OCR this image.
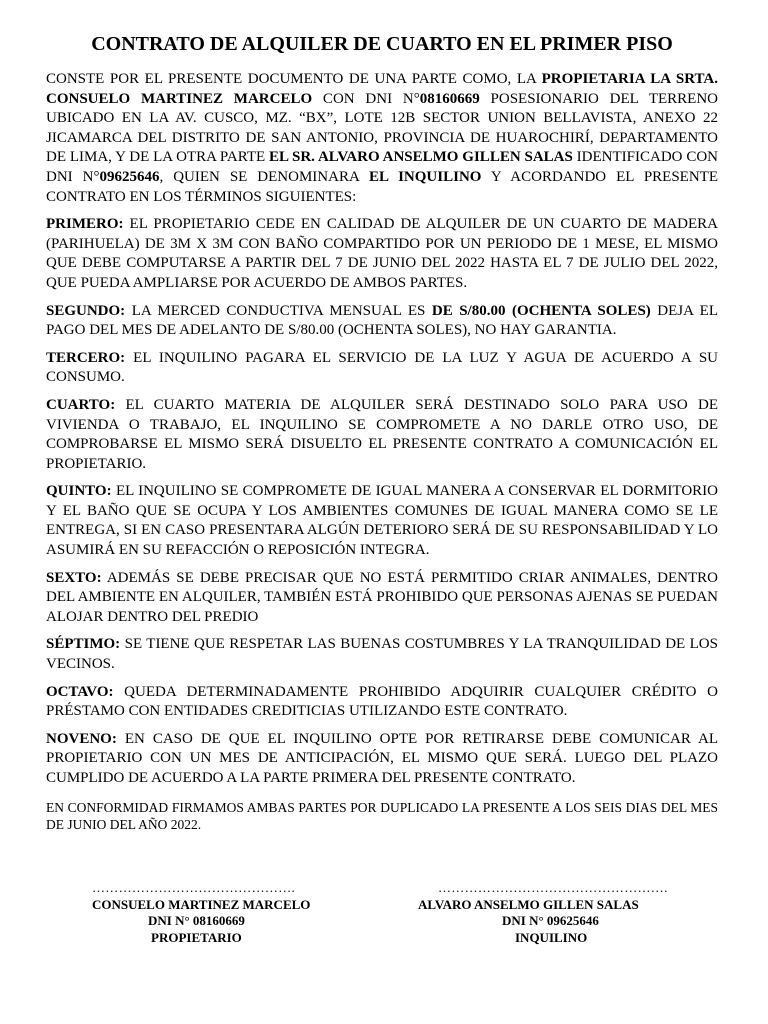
CONTRATO DE ALQUILER DE CUARTO EN EL PRIMER PISO

CONSTE POR EL PRESENTE DOCUMENTO DE UNA PARTE COMO, LA PROPIETARIA LA SRTA. CONSUELO MARTINEZ MARCELO CON DNI N°08160669 POSESIONARIO DEL TERRENO UBICADO EN LA AV. CUSCO, MZ. “BX”, LOTE 12B SECTOR UNION BELLAVISTA, ANEXO 22 JICAMARCA DEL DISTRITO DE SAN ANTONIO, PROVINCIA DE HUAROCHIRÍ, DEPARTAMENTO DE LIMA, Y DE LA OTRA PARTE EL SR. ALVARO ANSELMO GILLEN SALAS IDENTIFICADO CON DNI N°09625646, QUIEN SE DENOMINARA EL INQUILINO Y ACORDANDO EL PRESENTE CONTRATO EN LOS TÉRMINOS SIGUIENTES:

PRIMERO: EL PROPIETARIO CEDE EN CALIDAD DE ALQUILER DE UN CUARTO DE MADERA (PARIHUELA) DE 3M X 3M CON BAÑO COMPARTIDO POR UN PERIODO DE 1 MESE, EL MISMO QUE DEBE COMPUTARSE A PARTIR DEL 7 DE JUNIO DEL 2022 HASTA EL 7 DE JULIO DEL 2022, QUE PUEDA AMPLIARSE POR ACUERDO DE AMBOS PARTES.

SEGUNDO: LA MERCED CONDUCTIVA MENSUAL ES DE S/80.00 (OCHENTA SOLES) DEJA EL PAGO DEL MES DE ADELANTO DE S/80.00 (OCHENTA SOLES), NO HAY GARANTIA.

TERCERO: EL INQUILINO PAGARA EL SERVICIO DE LA LUZ Y AGUA DE ACUERDO A SU CONSUMO.

CUARTO: EL CUARTO MATERIA DE ALQUILER SERÁ DESTINADO SOLO PARA USO DE VIVIENDA O TRABAJO, EL INQUILINO SE COMPROMETE A NO DARLE OTRO USO, DE COMPROBARSE EL MISMO SERÁ DISUELTO EL PRESENTE CONTRATO A COMUNICACIÓN EL PROPIETARIO.

QUINTO: EL INQUILINO SE COMPROMETE DE IGUAL MANERA A CONSERVAR EL DORMITORIO Y EL BAÑO QUE SE OCUPA Y LOS AMBIENTES COMUNES DE IGUAL MANERA COMO SE LE ENTREGA, SI EN CASO PRESENTARA ALGÚN DETERIORO SERÁ DE SU RESPONSABILIDAD Y LO ASUMIRÁ EN SU REFACCIÓN O REPOSICIÓN INTEGRA.

SEXTO: ADEMÁS SE DEBE PRECISAR QUE NO ESTÁ PERMITIDO CRIAR ANIMALES, DENTRO DEL AMBIENTE EN ALQUILER, TAMBIÉN ESTÁ PROHIBIDO QUE PERSONAS AJENAS SE PUEDAN ALOJAR DENTRO DEL PREDIO

SÉPTIMO: SE TIENE QUE RESPETAR LAS BUENAS COSTUMBRES Y LA TRANQUILIDAD DE LOS VECINOS.

OCTAVO: QUEDA DETERMINADAMENTE PROHIBIDO ADQUIRIR CUALQUIER CRÉDITO O PRÉSTAMO CON ENTIDADES CREDITICIAS UTILIZANDO ESTE CONTRATO.

NOVENO: EN CASO DE QUE EL INQUILINO OPTE POR RETIRARSE DEBE COMUNICAR AL PROPIETARIO CON UN MES DE ANTICIPACIÓN, EL MISMO QUE SERÁ. LUEGO DEL PLAZO CUMPLIDO DE ACUERDO A LA PARTE PRIMERA DEL PRESENTE CONTRATO.

EN CONFORMIDAD FIRMAMOS AMBAS PARTES POR DUPLICADO LA PRESENTE A LOS SEIS DIAS DEL MES DE JUNIO DEL AÑO 2022.

……………………………………….
CONSUELO MARTINEZ MARCELO
DNI N° 08160669
PROPIETARIO
…………………………………………….
ALVARO ANSELMO GILLEN SALAS
DNI N° 09625646
INQUILINO
